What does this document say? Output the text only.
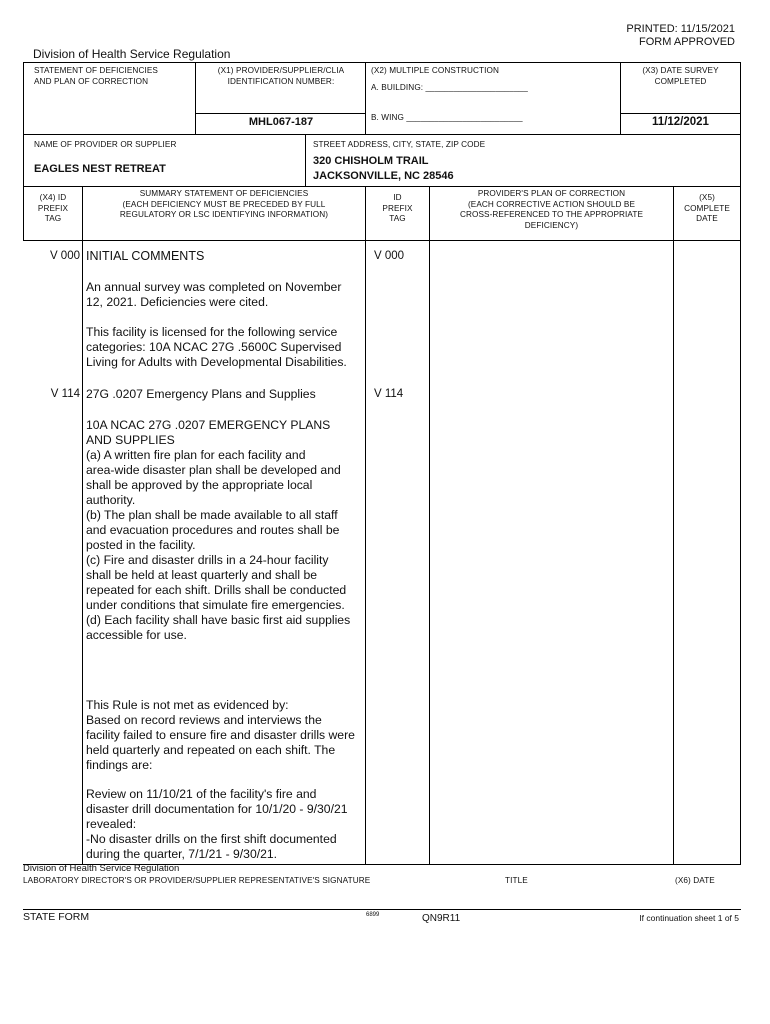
PRINTED: 11/15/2021
FORM APPROVED
Division of Health Service Regulation
STATEMENT OF DEFICIENCIES
AND PLAN OF CORRECTION
(X1) PROVIDER/SUPPLIER/CLIA
IDENTIFICATION NUMBER:
MHL067-187
(X2) MULTIPLE CONSTRUCTION
A. BUILDING: ______________________
B. WING _________________________
(X3) DATE SURVEY
COMPLETED
11/12/2021
NAME OF PROVIDER OR SUPPLIER
EAGLES NEST RETREAT
STREET ADDRESS, CITY, STATE, ZIP CODE
320 CHISHOLM TRAIL
JACKSONVILLE, NC 28546
(X4) ID
PREFIX
TAG
SUMMARY STATEMENT OF DEFICIENCIES
(EACH DEFICIENCY MUST BE PRECEDED BY FULL
REGULATORY OR LSC IDENTIFYING INFORMATION)
ID
PREFIX
TAG
PROVIDER'S PLAN OF CORRECTION
(EACH CORRECTIVE ACTION SHOULD BE
CROSS-REFERENCED TO THE APPROPRIATE
DEFICIENCY)
(X5)
COMPLETE
DATE
V 000	V 000
INITIAL COMMENTS
An annual survey was completed on November
12, 2021. Deficiencies were cited.
This facility is licensed for the following service
categories: 10A NCAC 27G .5600C Supervised
Living for Adults with Developmental Disabilities.
V 114	V 114
27G .0207 Emergency Plans and Supplies
10A NCAC 27G .0207 EMERGENCY PLANS
AND SUPPLIES
(a) A written fire plan for each facility and
area-wide disaster plan shall be developed and
shall be approved by the appropriate local
authority.
(b) The plan shall be made available to all staff
and evacuation procedures and routes shall be
posted in the facility.
(c) Fire and disaster drills in a 24-hour facility
shall be held at least quarterly and shall be
repeated for each shift. Drills shall be conducted
under conditions that simulate fire emergencies.
(d) Each facility shall have basic first aid supplies
accessible for use.
This Rule is not met as evidenced by:
Based on record reviews and interviews the
facility failed to ensure fire and disaster drills were
held quarterly and repeated on each shift. The
findings are:
Review on 11/10/21 of the facility's fire and
disaster drill documentation for 10/1/20 - 9/30/21
revealed:
-No disaster drills on the first shift documented
during the quarter, 7/1/21 - 9/30/21.
Division of Health Service Regulation
LABORATORY DIRECTOR'S OR PROVIDER/SUPPLIER REPRESENTATIVE'S SIGNATURE	TITLE	(X6) DATE
STATE FORM	6899	QN9R11	If continuation sheet 1 of 5
